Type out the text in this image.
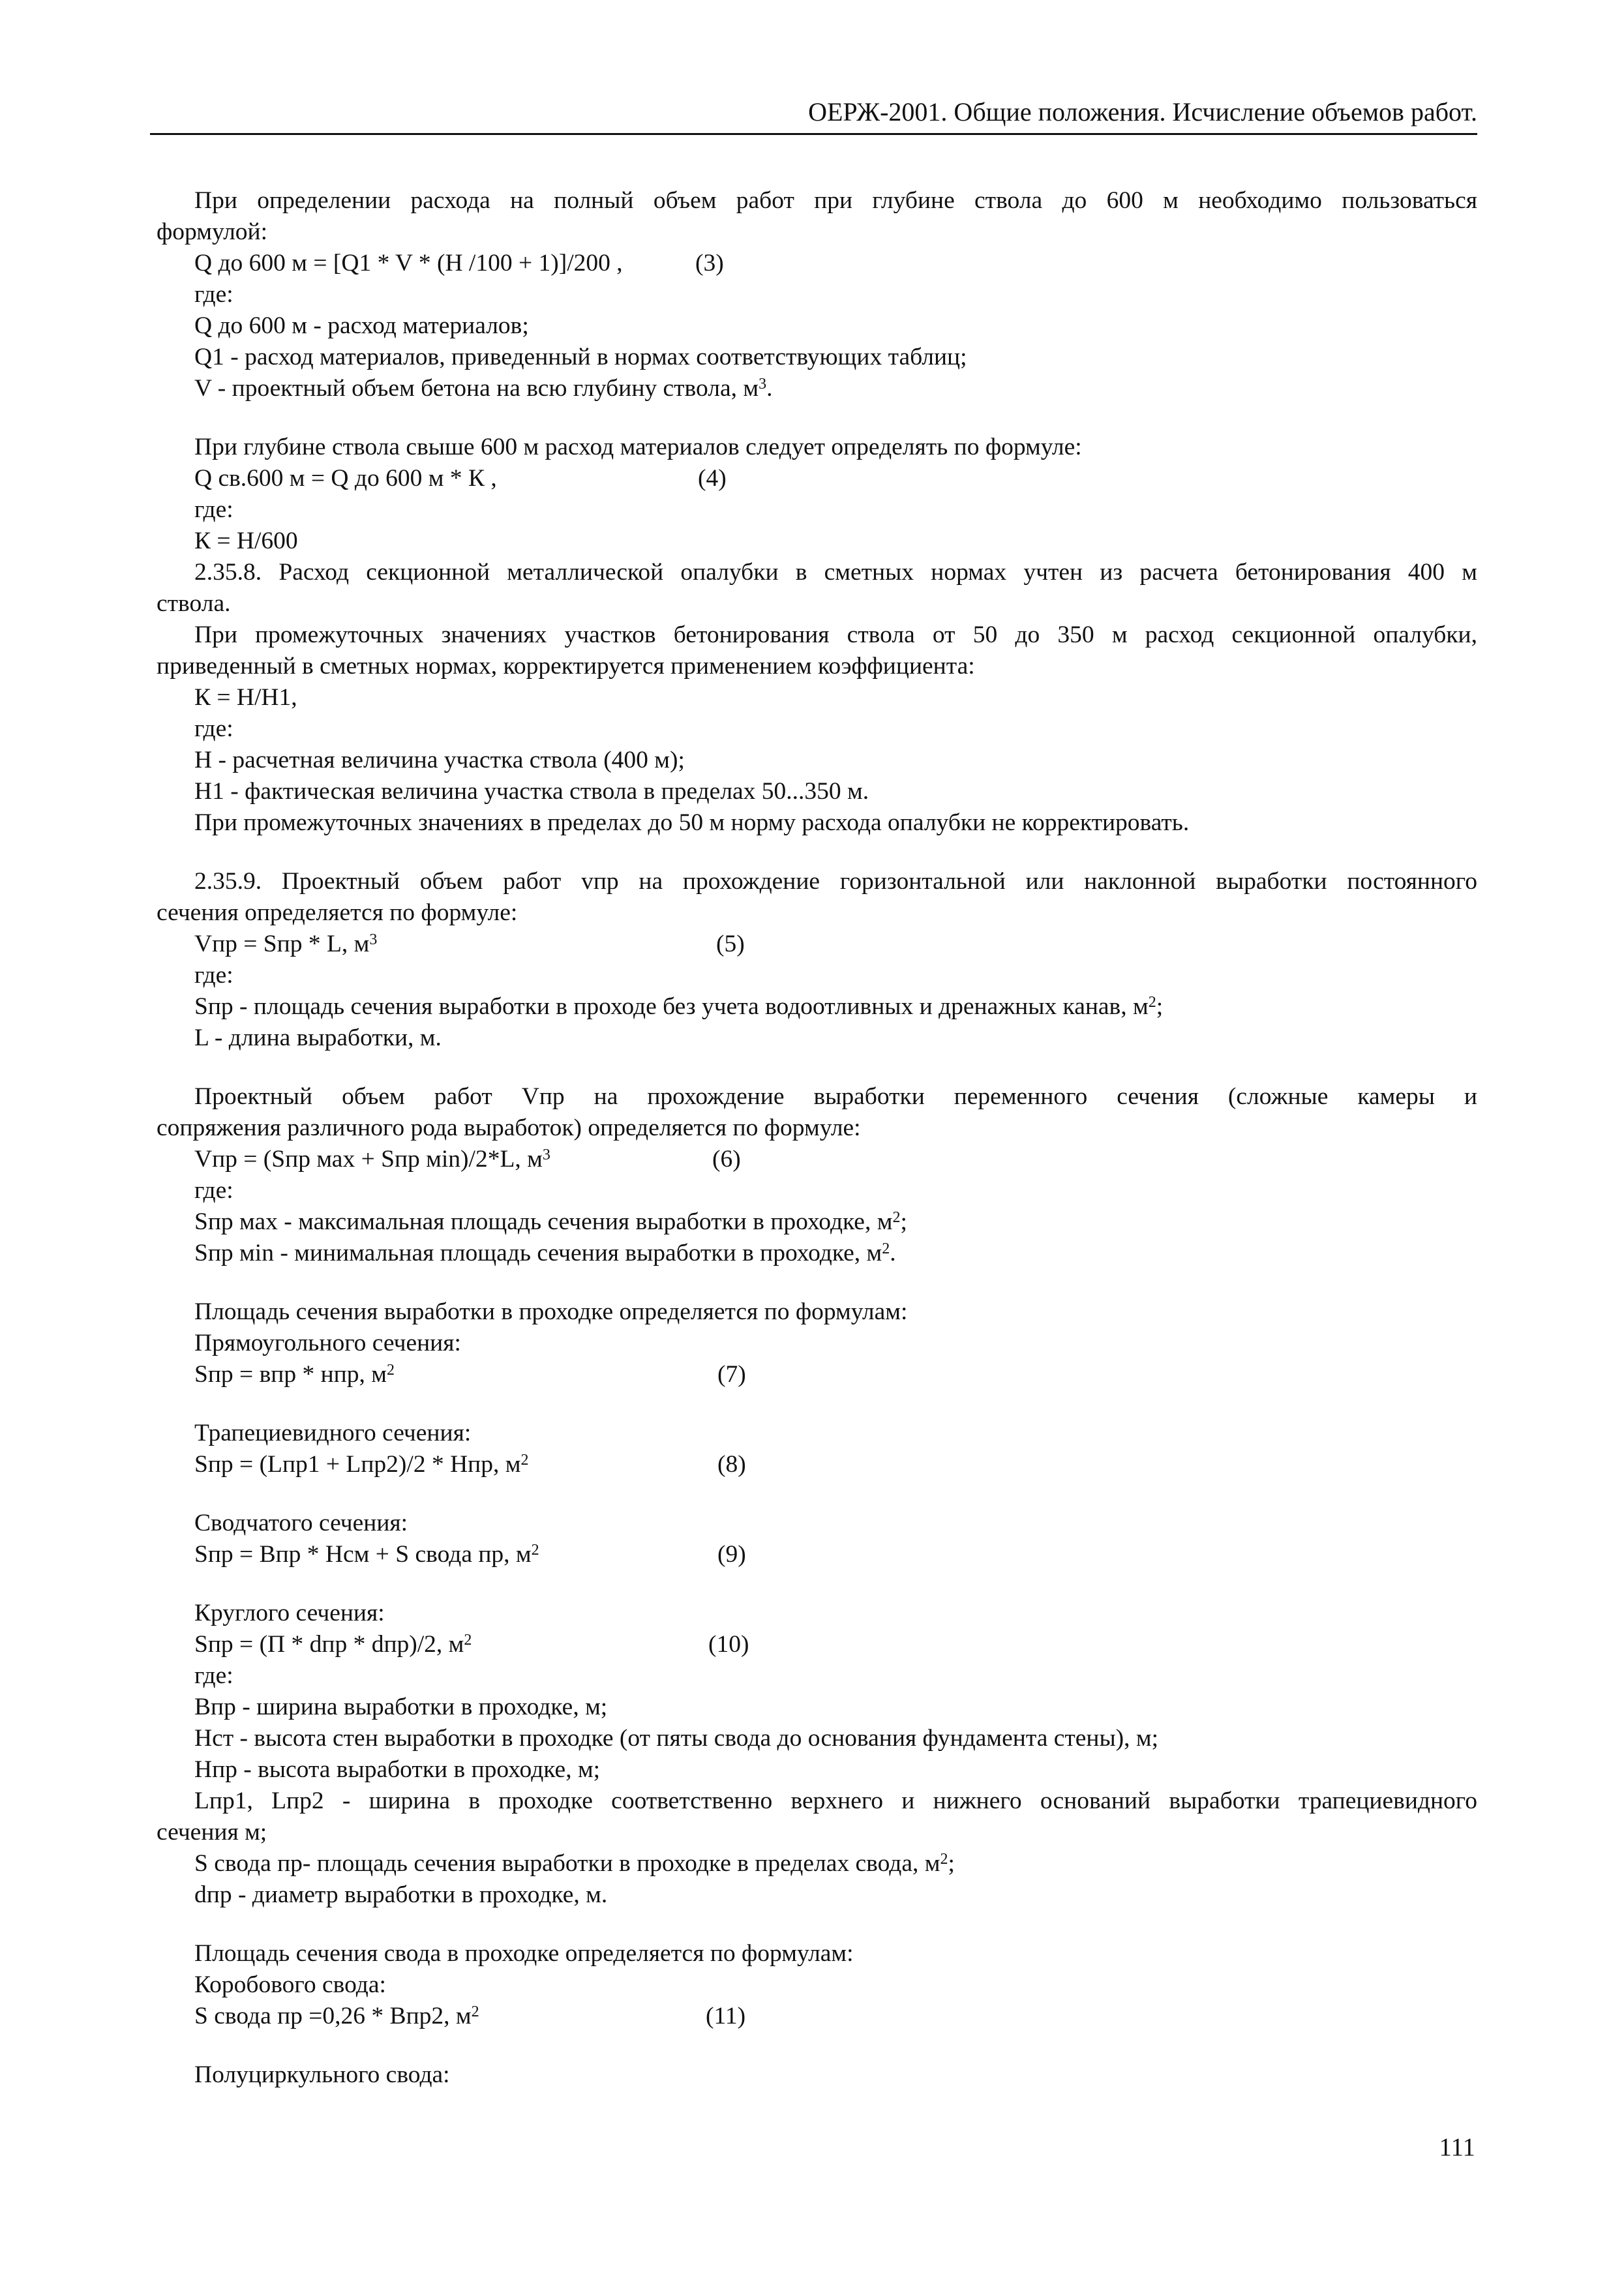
ОЕРЖ-2001. Общие положения. Исчисление объемов работ.
При определении расхода на полный объем работ при глубине ствола до 600 м необходимо пользоваться
формулой:
Q до 600 м = [Q1 * V * (H /100 + 1)]/200 ,	(3)
где:
Q до 600 м - расход материалов;
Q1 - расход материалов, приведенный в нормах соответствующих таблиц;
V - проектный объем бетона на всю глубину ствола, $м^3$.
При глубине ствола свыше 600 м расход материалов следует определять по формуле:
Q св.600 м = Q до 600 м * К ,	(4)
где:
К = Н/600
2.35.8. Расход секционной металлической опалубки в сметных нормах учтен из расчета бетонирования 400 м
ствола.
При промежуточных значениях участков бетонирования ствола от 50 до 350 м расход секционной опалубки,
приведенный в сметных нормах, корректируется применением коэффициента:
К = Н/Н1,
где:
Н - расчетная величина участка ствола (400 м);
Н1 - фактическая величина участка ствола в пределах 50...350 м.
При промежуточных значениях в пределах до 50 м норму расхода опалубки не корректировать.
2.35.9. Проектный объем работ vпр на прохождение горизонтальной или наклонной выработки постоянного
сечения определяется по формуле:
Vпр = Sпр * L, $м^3$	(5)
где:
Sпр - площадь сечения выработки в проходе без учета водоотливных и дренажных канав, $м^2$;
L - длина выработки, м.
Проектный объем работ Vпр на прохождение выработки переменного сечения (сложные камеры и
сопряжения различного рода выработок) определяется по формуле:
Vпр = (Sпр мах + Sпр мin)/2*L, $м^3$	(6)
где:
Sпр мах - максимальная площадь сечения выработки в проходке, $м^2$;
Sпр мin - минимальная площадь сечения выработки в проходке, $м^2$.
Площадь сечения выработки в проходке определяется по формулам:
Прямоугольного сечения:
Sпр = впр * нпр, $м^2$	(7)
Трапециевидного сечения:
Sпр = (Lпр1 + Lпр2)/2 * Нпр, $м^2$	(8)
Сводчатого сечения:
Sпр = Впр * Нсм + S свода пр, $м^2$	(9)
Круглого сечения:
Sпр = (П * dпр * dпр)/2, $м^2$	(10)
где:
Впр - ширина выработки в проходке, м;
Нст - высота стен выработки в проходке (от пяты свода до основания фундамента стены), м;
Нпр - высота выработки в проходке, м;
Lпр1, Lпр2 - ширина в проходке соответственно верхнего и нижнего оснований выработки трапециевидного
сечения м;
S свода пр- площадь сечения выработки в проходке в пределах свода, $м^2$;
dпр - диаметр выработки в проходке, м.
Площадь сечения свода в проходке определяется по формулам:
Коробового свода:
S свода пр =0,26 * Впр2, $м^2$	(11)
Полуциркульного свода:
111
